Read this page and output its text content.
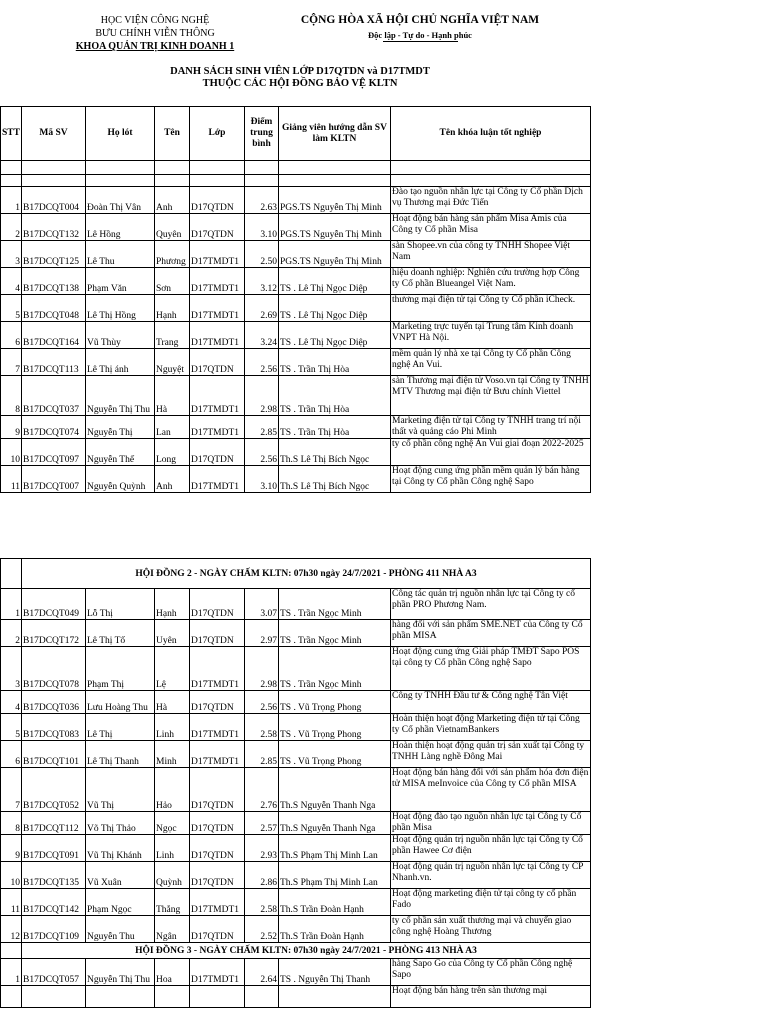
HỌC VIỆN CÔNG NGHỆ
BƯU CHÍNH VIỄN THÔNG
KHOA QUẢN TRỊ KINH DOANH 1
CỘNG HÒA XÃ HỘI CHỦ NGHĨA VIỆT NAM
Độc lập - Tự do - Hạnh phúc
DANH SÁCH SINH VIÊN LỚP D17QTDN và D17TMDT
THUỘC CÁC HỘI ĐỒNG BẢO VỆ KLTN
STT	Mã SV	Họ lót	Tên	Lớp	Điểm trung bình	Giảng viên hướng dẫn SV làm KLTN	Tên khóa luận tốt nghiệp

1	B17DCQT004	Đoàn Thị Vân	Anh	D17QTDN	2.63	PGS.TS Nguyễn Thị Minh	Đào tạo nguồn nhân lực tại Công ty Cổ phần Dịch vụ Thương mại Đức Tiến
2	B17DCQT132	Lê Hồng	Quyên	D17QTDN	3.10	PGS.TS Nguyễn Thị Minh	Hoạt động bán hàng sản phẩm Misa Amis của Công ty Cổ phần Misa
3	B17DCQT125	Lê Thu	Phương	D17TMDT1	2.50	PGS.TS Nguyễn Thị Minh	sàn Shopee.vn của công ty TNHH Shopee Việt Nam
4	B17DCQT138	Phạm Văn	Sơn	D17TMDT1	3.12	TS . Lê Thị Ngọc Diệp	hiệu doanh nghiệp: Nghiên cứu trường hợp Công ty Cổ phần Blueangel Việt Nam.
5	B17DCQT048	Lê Thị Hồng	Hạnh	D17TMDT1	2.69	TS . Lê Thị Ngọc Diệp	thương mại điện tử tại Công ty Cổ phần iCheck.
6	B17DCQT164	Vũ Thùy	Trang	D17TMDT1	3.24	TS . Lê Thị Ngọc Diệp	Marketing trực tuyến tại Trung tâm Kinh doanh VNPT Hà Nội.
7	B17DCQT113	Lê Thị ánh	Nguyệt	D17QTDN	2.56	TS . Trần Thị Hòa	mềm quản lý nhà xe tại Công ty Cổ phần Công nghệ An Vui.
8	B17DCQT037	Nguyễn Thị Thu	Hà	D17TMDT1	2.98	TS . Trần Thị Hòa	sàn Thương mại điện tử Voso.vn tại Công ty TNHH MTV Thương mại điện tử Bưu chính Viettel
9	B17DCQT074	Nguyễn Thị	Lan	D17TMDT1	2.85	TS . Trần Thị Hòa	Marketing điện tử tại Công ty TNHH trang trí nội thất và quảng cáo Phi Minh
10	B17DCQT097	Nguyễn Thế	Long	D17QTDN	2.56	Th.S Lê Thị Bích Ngọc	ty cổ phần công nghệ An Vui giai đoạn 2022-2025
11	B17DCQT007	Nguyễn Quỳnh	Anh	D17TMDT1	3.10	Th.S Lê Thị Bích Ngọc	Hoạt động cung ứng phần mềm quản lý bán hàng tại Công ty Cổ phần Công nghệ Sapo
	HỘI ĐỒNG 2 - NGÀY CHẤM KLTN: 07h30 ngày 24/7/2021 - PHÒNG 411 NHÀ A3						
1	B17DCQT049	Lỗ Thị	Hạnh	D17QTDN	3.07	TS . Trần Ngọc Minh	Công tác quản trị nguồn nhân lực tại Công ty cổ phần PRO Phương Nam.
2	B17DCQT172	Lê Thị Tố	Uyên	D17QTDN	2.97	TS . Trần Ngọc Minh	hàng đối với sản phẩm SME.NET của Công ty Cổ phần MISA
3	B17DCQT078	Phạm Thị	Lệ	D17TMDT1	2.98	TS . Trần Ngọc Minh	Hoạt động cung ứng Giải pháp TMĐT Sapo POS tại công ty Cổ phần Công nghệ Sapo
4	B17DCQT036	Lưu Hoàng Thu	Hà	D17QTDN	2.56	TS . Vũ Trọng Phong	Công ty TNHH Đầu tư & Công nghệ Tân Việt
5	B17DCQT083	Lê Thị	Linh	D17TMDT1	2.58	TS . Vũ Trọng Phong	Hoàn thiện hoạt động Marketing điện tử tại Công ty Cổ phần VietnamBankers
6	B17DCQT101	Lê Thị Thanh	Minh	D17TMDT1	2.85	TS . Vũ Trọng Phong	Hoàn thiện hoạt động quản trị sản xuất tại Công ty TNHH Làng nghề Đông Mai
7	B17DCQT052	Vũ Thị	Hảo	D17QTDN	2.76	Th.S Nguyễn Thanh Nga	Hoạt động bán hàng đối với sản phẩm hóa đơn điện tử MISA meInvoice của Công ty Cổ phần MISA
8	B17DCQT112	Võ Thị Thảo	Ngọc	D17QTDN	2.57	Th.S Nguyễn Thanh Nga	Hoạt động đào tạo nguồn nhân lực tại Công ty Cổ phần Misa
9	B17DCQT091	Vũ Thị Khánh	Linh	D17QTDN	2.93	Th.S Phạm Thị Minh Lan	Hoạt động quản trị nguồn nhân lực tại Công ty Cổ phần Hawee Cơ điện
10	B17DCQT135	Vũ Xuân	Quỳnh	D17QTDN	2.86	Th.S Phạm Thị Minh Lan	Hoạt động quản trị nguồn nhân lực tại Công ty CP Nhanh.vn.
11	B17DCQT142	Phạm Ngọc	Thắng	D17TMDT1	2.58	Th.S Trần Đoàn Hạnh	Hoạt động marketing điện tử tại công ty cổ phần Fado
12	B17DCQT109	Nguyễn Thu	Ngân	D17QTDN	2.52	Th.S Trần Đoàn Hạnh	ty cổ phần sản xuất thương mại và chuyển giao công nghệ Hoàng Thương
	HỘI ĐỒNG 3 - NGÀY CHẤM KLTN: 07h30 ngày 24/7/2021 - PHÒNG 413 NHÀ A3						
1	B17DCQT057	Nguyễn Thị Thu	Hoa	D17TMDT1	2.64	TS . Nguyễn Thị Thanh	hàng Sapo Go của Công ty Cổ phần Công nghệ Sapo
							Hoạt động bán hàng trên sàn thương mại
